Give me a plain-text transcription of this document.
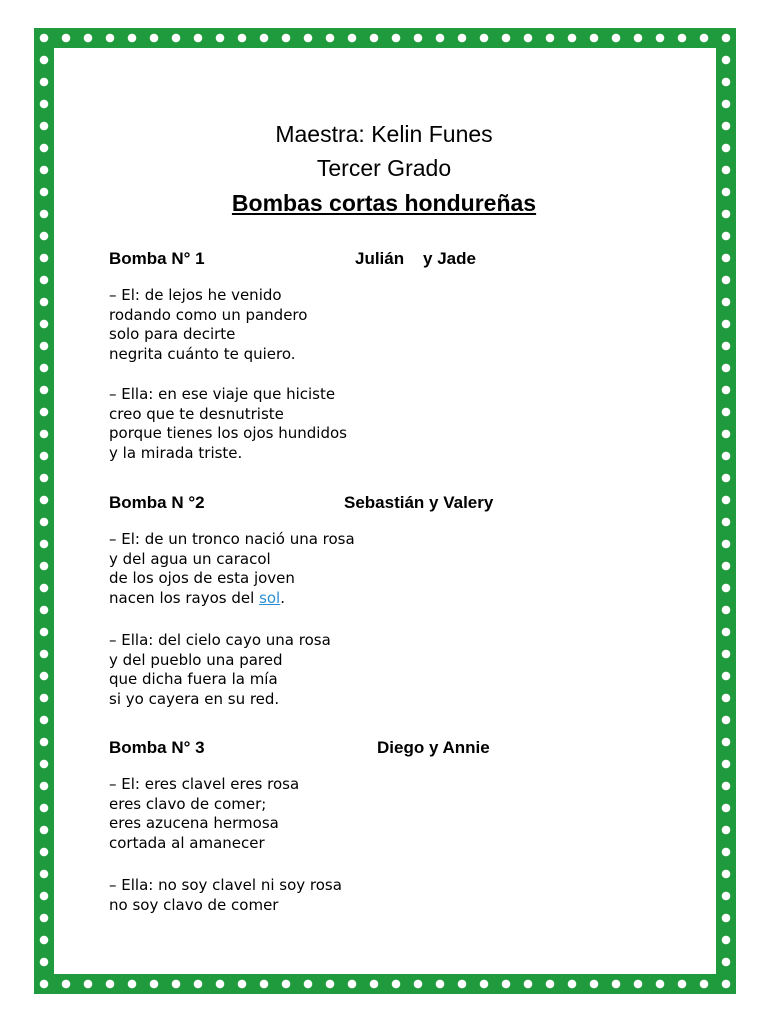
Maestra: Kelin Funes
Tercer Grado
Bombas cortas hondureñas
Bomba N° 1	Julián    y Jade
– El: de lejos he venido
rodando como un pandero
solo para decirte
negrita cuánto te quiero.
– Ella: en ese viaje que hiciste
creo que te desnutriste
porque tienes los ojos hundidos
y la mirada triste.
Bomba N °2	Sebastián y Valery
– El: de un tronco nació una rosa
y del agua un caracol
de los ojos de esta joven
nacen los rayos del sol.
– Ella: del cielo cayo una rosa
y del pueblo una pared
que dicha fuera la mía
si yo cayera en su red.
Bomba N° 3	Diego y Annie
– El: eres clavel eres rosa
eres clavo de comer;
eres azucena hermosa
cortada al amanecer
– Ella: no soy clavel ni soy rosa
no soy clavo de comer
